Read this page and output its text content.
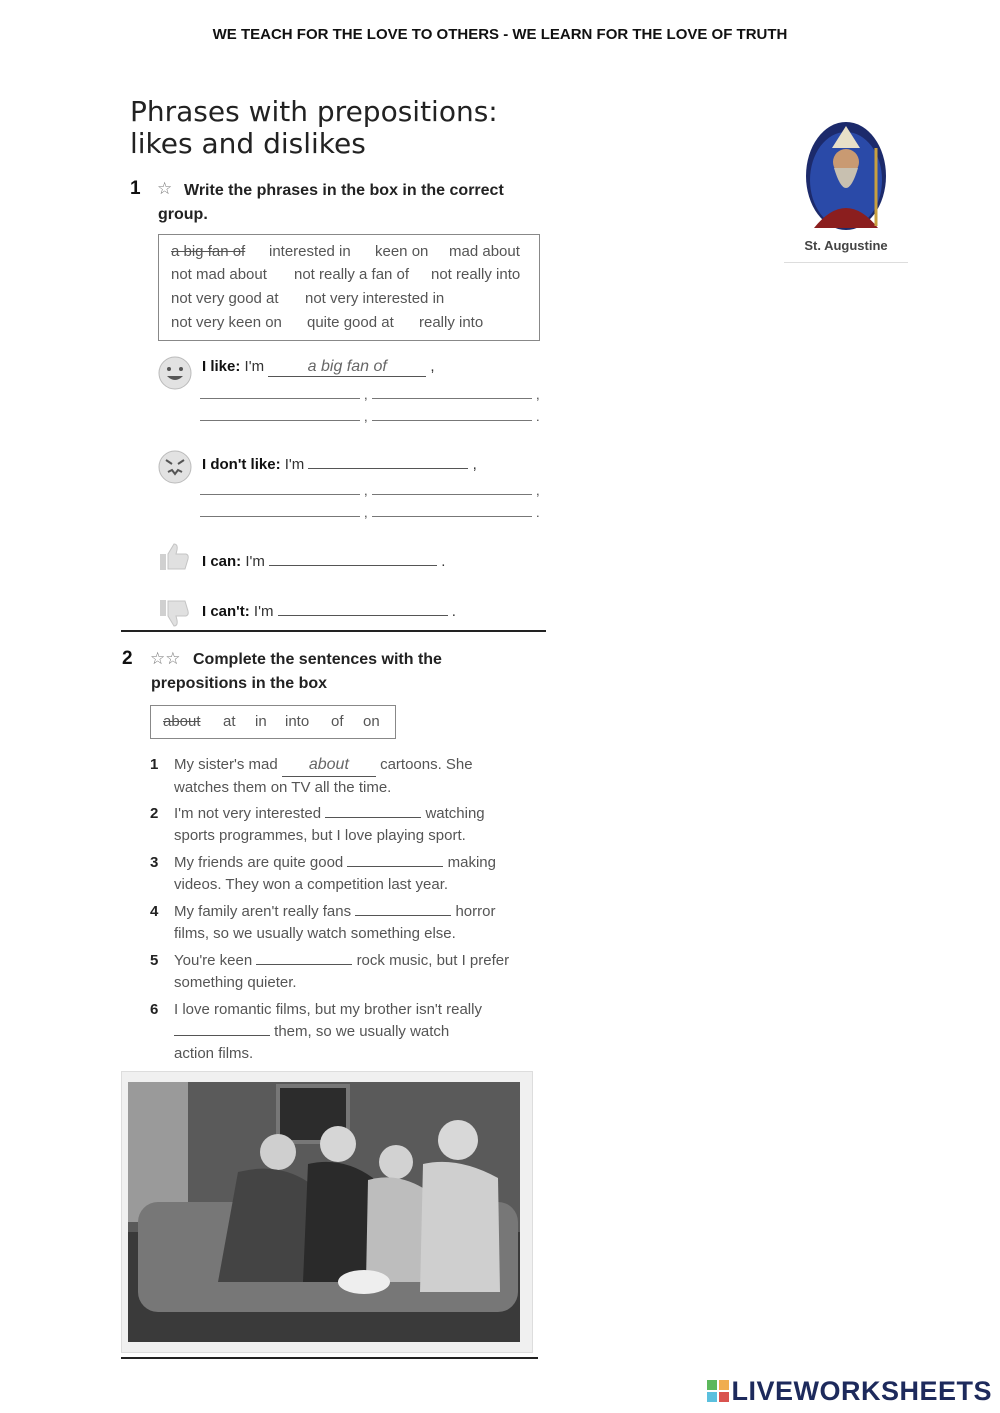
WE TEACH FOR THE LOVE TO OTHERS - WE LEARN FOR THE LOVE OF TRUTH
Phrases with prepositions:
likes and dislikes
St. Augustine
1 ☆ Write the phrases in the box in the correct
group.
a big fan of interested in keen on mad about
not mad about not really a fan of not really into
not very good at not very interested in
not very keen on quite good at really into
I like: I'm	a big fan of	,
,	,
,	.
I don't like: I'm	,
,	,
,	.
I can: I'm	.
I can't: I'm	.
2 ☆☆ Complete the sentences with the
prepositions in the box
about at in into of on
1 My sister's mad about cartoons. She
watches them on TV all the time.
2 I'm not very interested	watching
sports programmes, but I love playing sport.
3 My friends are quite good	making
videos. They won a competition last year.
4 My family aren't really fans	horror
films, so we usually watch something else.
5 You're keen	rock music, but I prefer
something quieter.
6 I love romantic films, but my brother isn't really
them, so we usually watch
action films.
LIVEWORKSHEETS
